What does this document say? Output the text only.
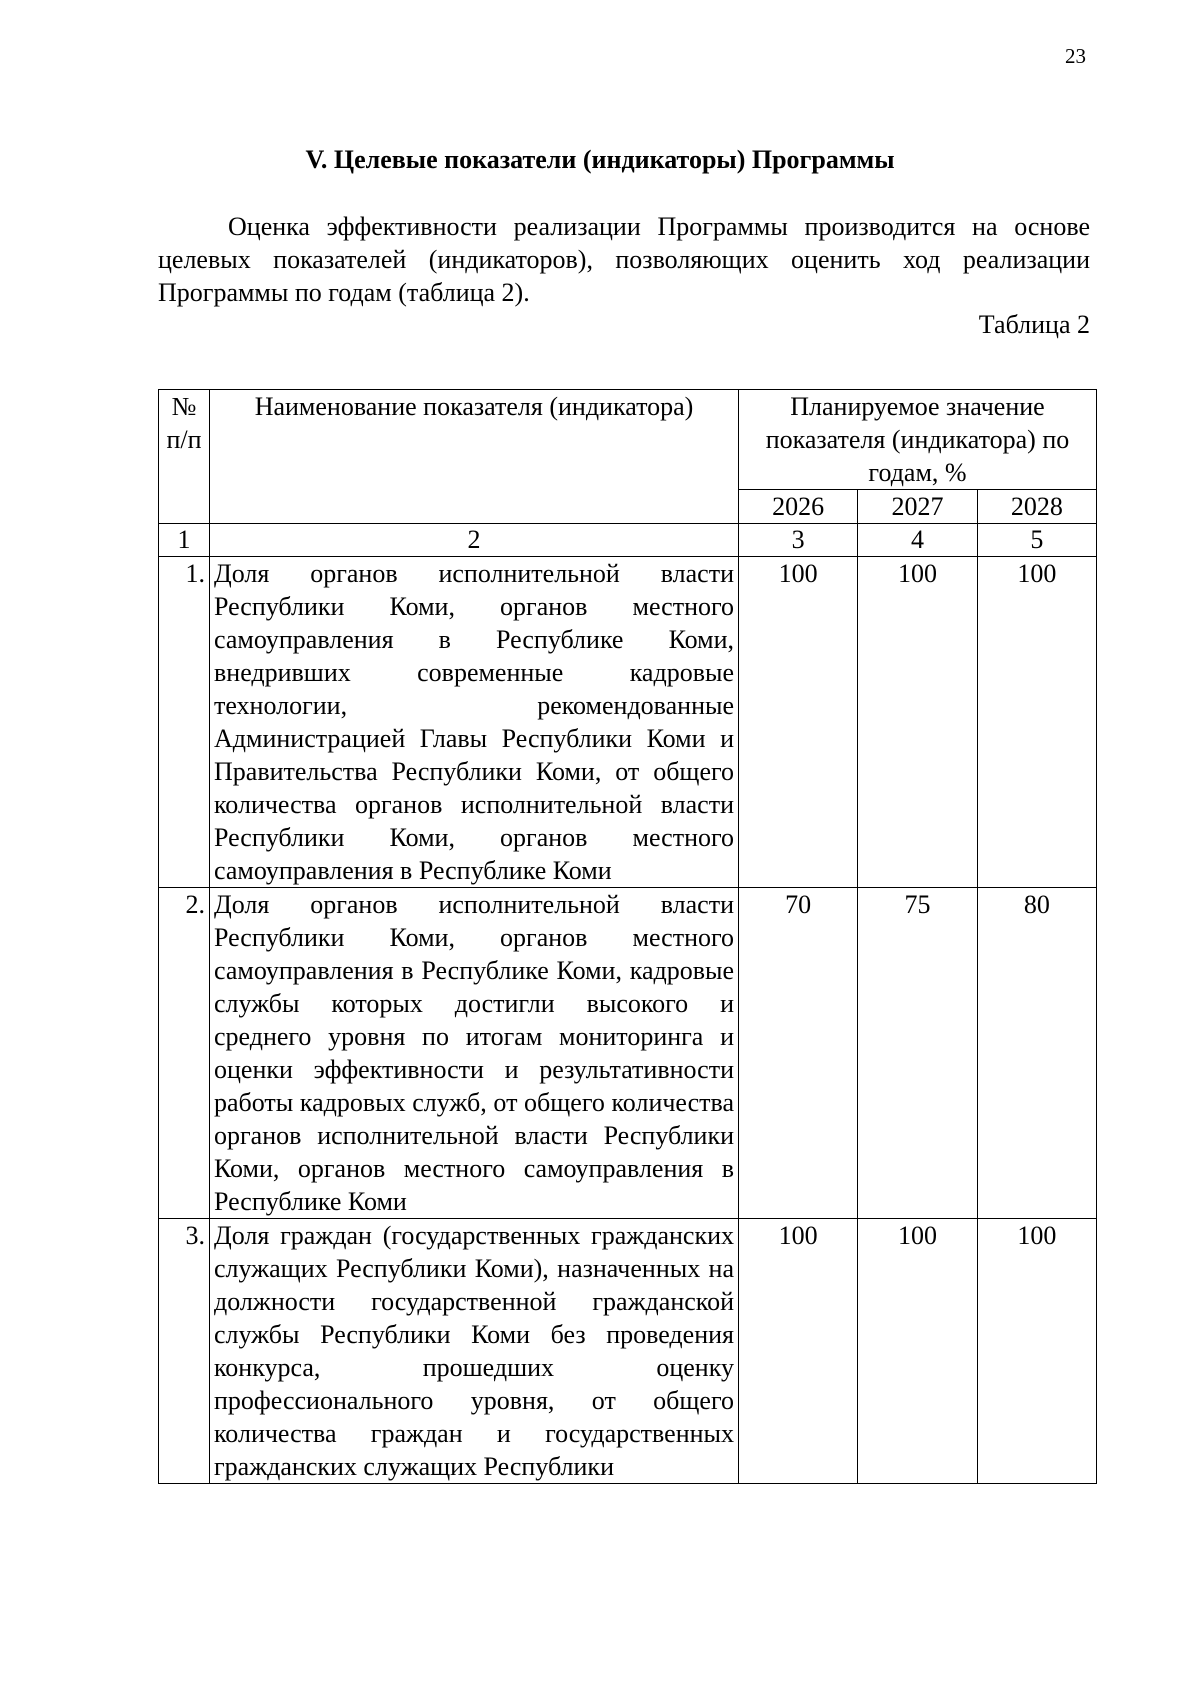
23
V. Целевые показатели (индикаторы) Программы

Оценка эффективности реализации Программы производится на основе целевых показателей (индикаторов), позволяющих оценить ход реализации Программы по годам (таблица 2).

Таблица 2
№ п/п	Наименование показателя (индикатора)	Планируемое значение показателя (индикатора) по годам, %		
		2026	2027	2028
1	2	3	4	5
1.	Доля органов исполнительной власти Республики Коми, органов местного самоуправления в Республике Коми, внедривших современные кадровые технологии, рекомендованные Администрацией Главы Республики Коми и Правительства Республики Коми, от общего количества органов исполнительной власти Республики Коми, органов местного самоуправления в Республике Коми	100	100	100
2.	Доля органов исполнительной власти Республики Коми, органов местного самоуправления в Республике Коми, кадровые службы которых достигли высокого и среднего уровня по итогам мониторинга и оценки эффективности и результативности работы кадровых служб, от общего количества органов исполнительной власти Республики Коми, органов местного самоуправления в Республике Коми	70	75	80
3.	Доля граждан (государственных гражданских служащих Республики Коми), назначенных на должности государственной гражданской службы Республики Коми без проведения конкурса, прошедших оценку профессионального уровня, от общего количества граждан и государственных гражданских служащих Республики	100	100	100
